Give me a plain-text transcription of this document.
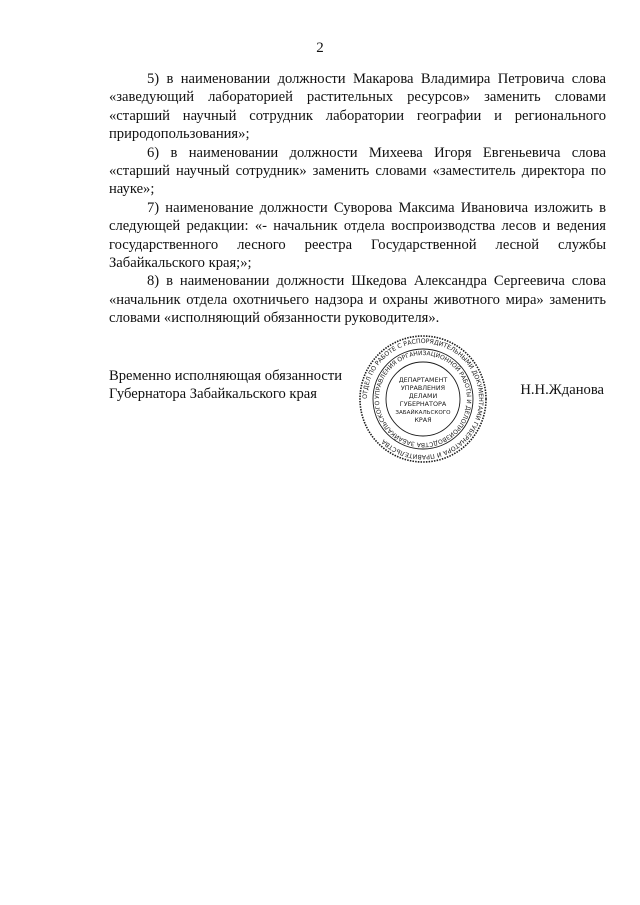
2

5) в наименовании должности Макарова Владимира Петровича слова «заведующий лабораторией растительных ресурсов» заменить словами «старший научный сотрудник лаборатории географии и регионального природопользования»;

6) в наименовании должности Михеева Игоря Евгеньевича слова «старший научный сотрудник» заменить словами «заместитель директора по науке»;

7) наименование должности Суворова Максима Ивановича изложить в следующей редакции: «- начальник отдела воспроизводства лесов и ведения государственного лесного реестра Государственной лесной службы Забайкальского края;»;

8) в наименовании должности Шкедова Александра Сергеевича слова «начальник отдела охотничьего надзора и охраны животного мира» заменить словами «исполняющий обязанности руководителя».

Временно исполняющая обязанности
Губернатора Забайкальского края	ОТДЕЛ ПО РАБОТЕ С РАСПОРЯДИТЕЛЬНЫМИ ДОКУМЕНТАМИ ГУБЕРНАТОРА И ПРАВИТЕЛЬСТВА
УПРАВЛЕНИЯ ОРГАНИЗАЦИОННОЙ РАБОТЫ И ДЕЛОПРОИЗВОДСТВА ЗАБАЙКАЛЬСКОГО
ДЕПАРТАМЕНТ
УПРАВЛЕНИЯ
ДЕЛАМИ
ГУБЕРНАТОРА
ЗАБАЙКАЛЬСКОГО
КРАЯ
Н.Н.Жданова
